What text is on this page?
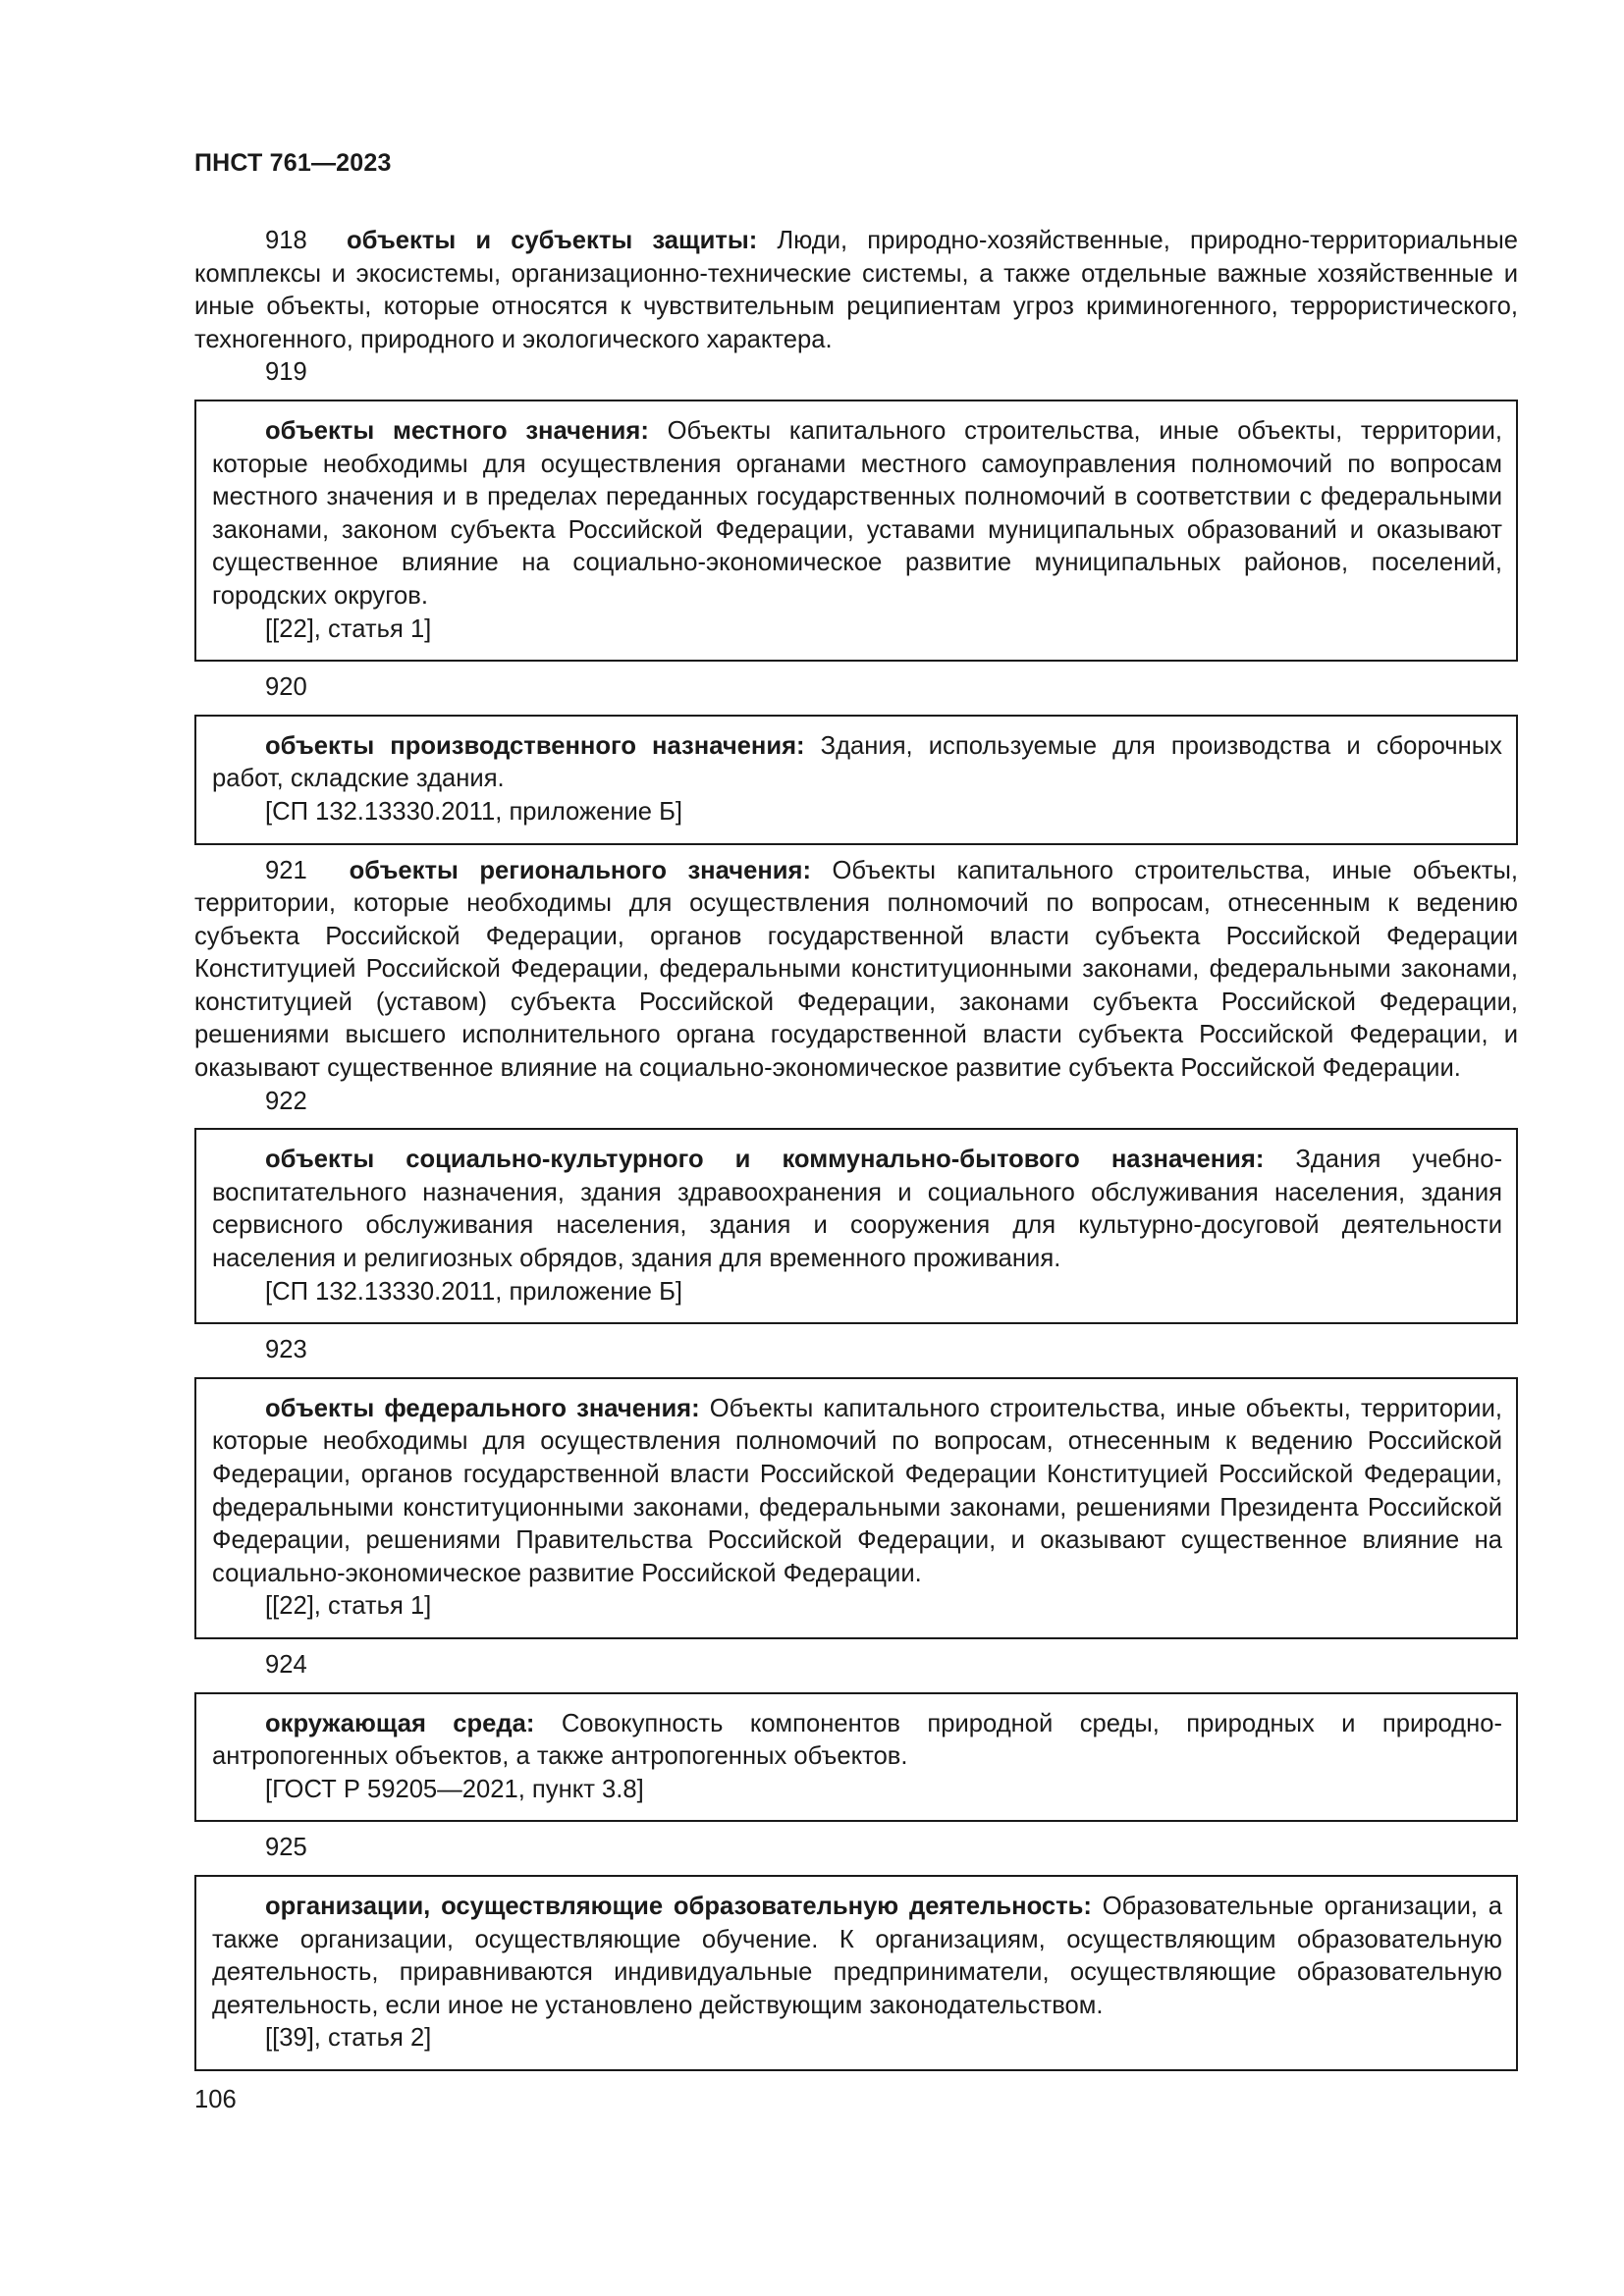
ПНСТ 761—2023

918 объекты и субъекты защиты: Люди, природно-хозяйственные, природно-территориальные комплексы и экосистемы, организационно-технические системы, а также отдельные важные хозяйственные и иные объекты, которые относятся к чувствительным реципиентам угроз криминогенного, террористического, техногенного, природного и экологического характера.

919

объекты местного значения: Объекты капитального строительства, иные объекты, территории, которые необходимы для осуществления органами местного самоуправления полномочий по вопросам местного значения и в пределах переданных государственных полномочий в соответствии с федеральными законами, законом субъекта Российской Федерации, уставами муниципальных образований и оказывают существенное влияние на социально-экономическое развитие муниципальных районов, поселений, городских округов.

[[22], статья 1]

920

объекты производственного назначения: Здания, используемые для производства и сборочных работ, складские здания.

[СП 132.13330.2011, приложение Б]

921 объекты регионального значения: Объекты капитального строительства, иные объекты, территории, которые необходимы для осуществления полномочий по вопросам, отнесенным к ведению субъекта Российской Федерации, органов государственной власти субъекта Российской Федерации Конституцией Российской Федерации, федеральными конституционными законами, федеральными законами, конституцией (уставом) субъекта Российской Федерации, законами субъекта Российской Федерации, решениями высшего исполнительного органа государственной власти субъекта Российской Федерации, и оказывают существенное влияние на социально-экономическое развитие субъекта Российской Федерации.

922

объекты социально-культурного и коммунально-бытового назначения: Здания учебно-воспитательного назначения, здания здравоохранения и социального обслуживания населения, здания сервисного обслуживания населения, здания и сооружения для культурно-досуговой деятельности населения и религиозных обрядов, здания для временного проживания.

[СП 132.13330.2011, приложение Б]

923

объекты федерального значения: Объекты капитального строительства, иные объекты, территории, которые необходимы для осуществления полномочий по вопросам, отнесенным к ведению Российской Федерации, органов государственной власти Российской Федерации Конституцией Российской Федерации, федеральными конституционными законами, федеральными законами, решениями Президента Российской Федерации, решениями Правительства Российской Федерации, и оказывают существенное влияние на социально-экономическое развитие Российской Федерации.

[[22], статья 1]

924

окружающая среда: Совокупность компонентов природной среды, природных и природно-антропогенных объектов, а также антропогенных объектов.

[ГОСТ Р 59205—2021, пункт 3.8]

925

организации, осуществляющие образовательную деятельность: Образовательные организации, а также организации, осуществляющие обучение. К организациям, осуществляющим образовательную деятельность, приравниваются индивидуальные предприниматели, осуществляющие образовательную деятельность, если иное не установлено действующим законодательством.

[[39], статья 2]

106
